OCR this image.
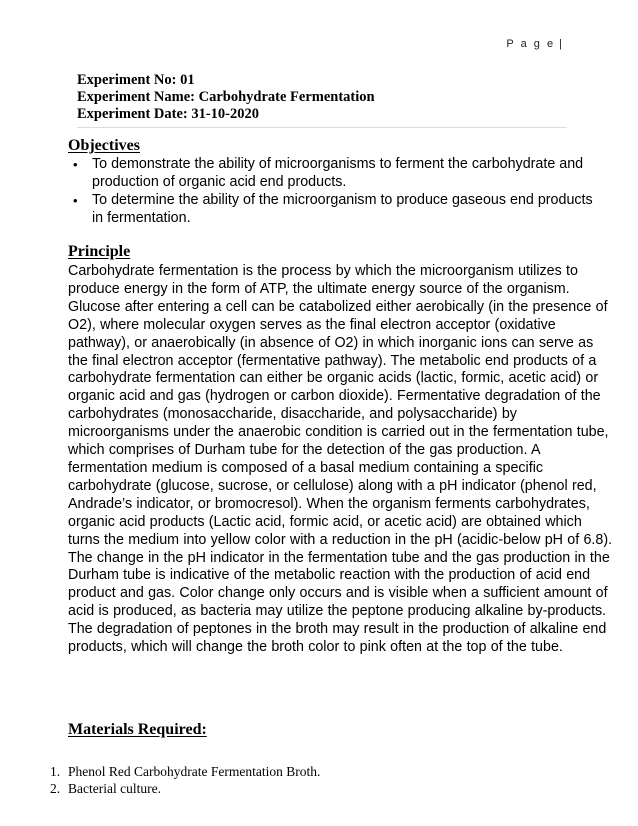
P a g e |
Experiment No: 01
Experiment Name: Carbohydrate Fermentation
Experiment Date: 31-10-2020
Objectives
• To demonstrate the ability of microorganisms to ferment the carbohydrate and production of organic acid end products.
• To determine the ability of the microorganism to produce gaseous end products in fermentation.
Principle

Carbohydrate fermentation is the process by which the microorganism utilizes to produce energy in the form of ATP, the ultimate energy source of the organism. Glucose after entering a cell can be catabolized either aerobically (in the presence of O2), where molecular oxygen serves as the final electron acceptor (oxidative pathway), or anaerobically (in absence of O2) in which inorganic ions can serve as the final electron acceptor (fermentative pathway). The metabolic end products of a carbohydrate fermentation can either be organic acids (lactic, formic, acetic acid) or organic acid and gas (hydrogen or carbon dioxide). Fermentative degradation of the carbohydrates (monosaccharide, disaccharide, and polysaccharide) by microorganisms under the anaerobic condition is carried out in the fermentation tube, which comprises of Durham tube for the detection of the gas production. A fermentation medium is composed of a basal medium containing a specific carbohydrate (glucose, sucrose, or cellulose) along with a pH indicator (phenol red, Andrade’s indicator, or bromocresol). When the organism ferments carbohydrates, organic acid products (Lactic acid, formic acid, or acetic acid) are obtained which turns the medium into yellow color with a reduction in the pH (acidic-below pH of 6.8). The change in the pH indicator in the fermentation tube and the gas production in the Durham tube is indicative of the metabolic reaction with the production of acid end product and gas. Color change only occurs and is visible when a sufficient amount of acid is produced, as bacteria may utilize the peptone producing alkaline by-products. The degradation of peptones in the broth may result in the production of alkaline end products, which will change the broth color to pink often at the top of the tube.

Materials Required:
1. Phenol Red Carbohydrate Fermentation Broth.
2. Bacterial culture.
